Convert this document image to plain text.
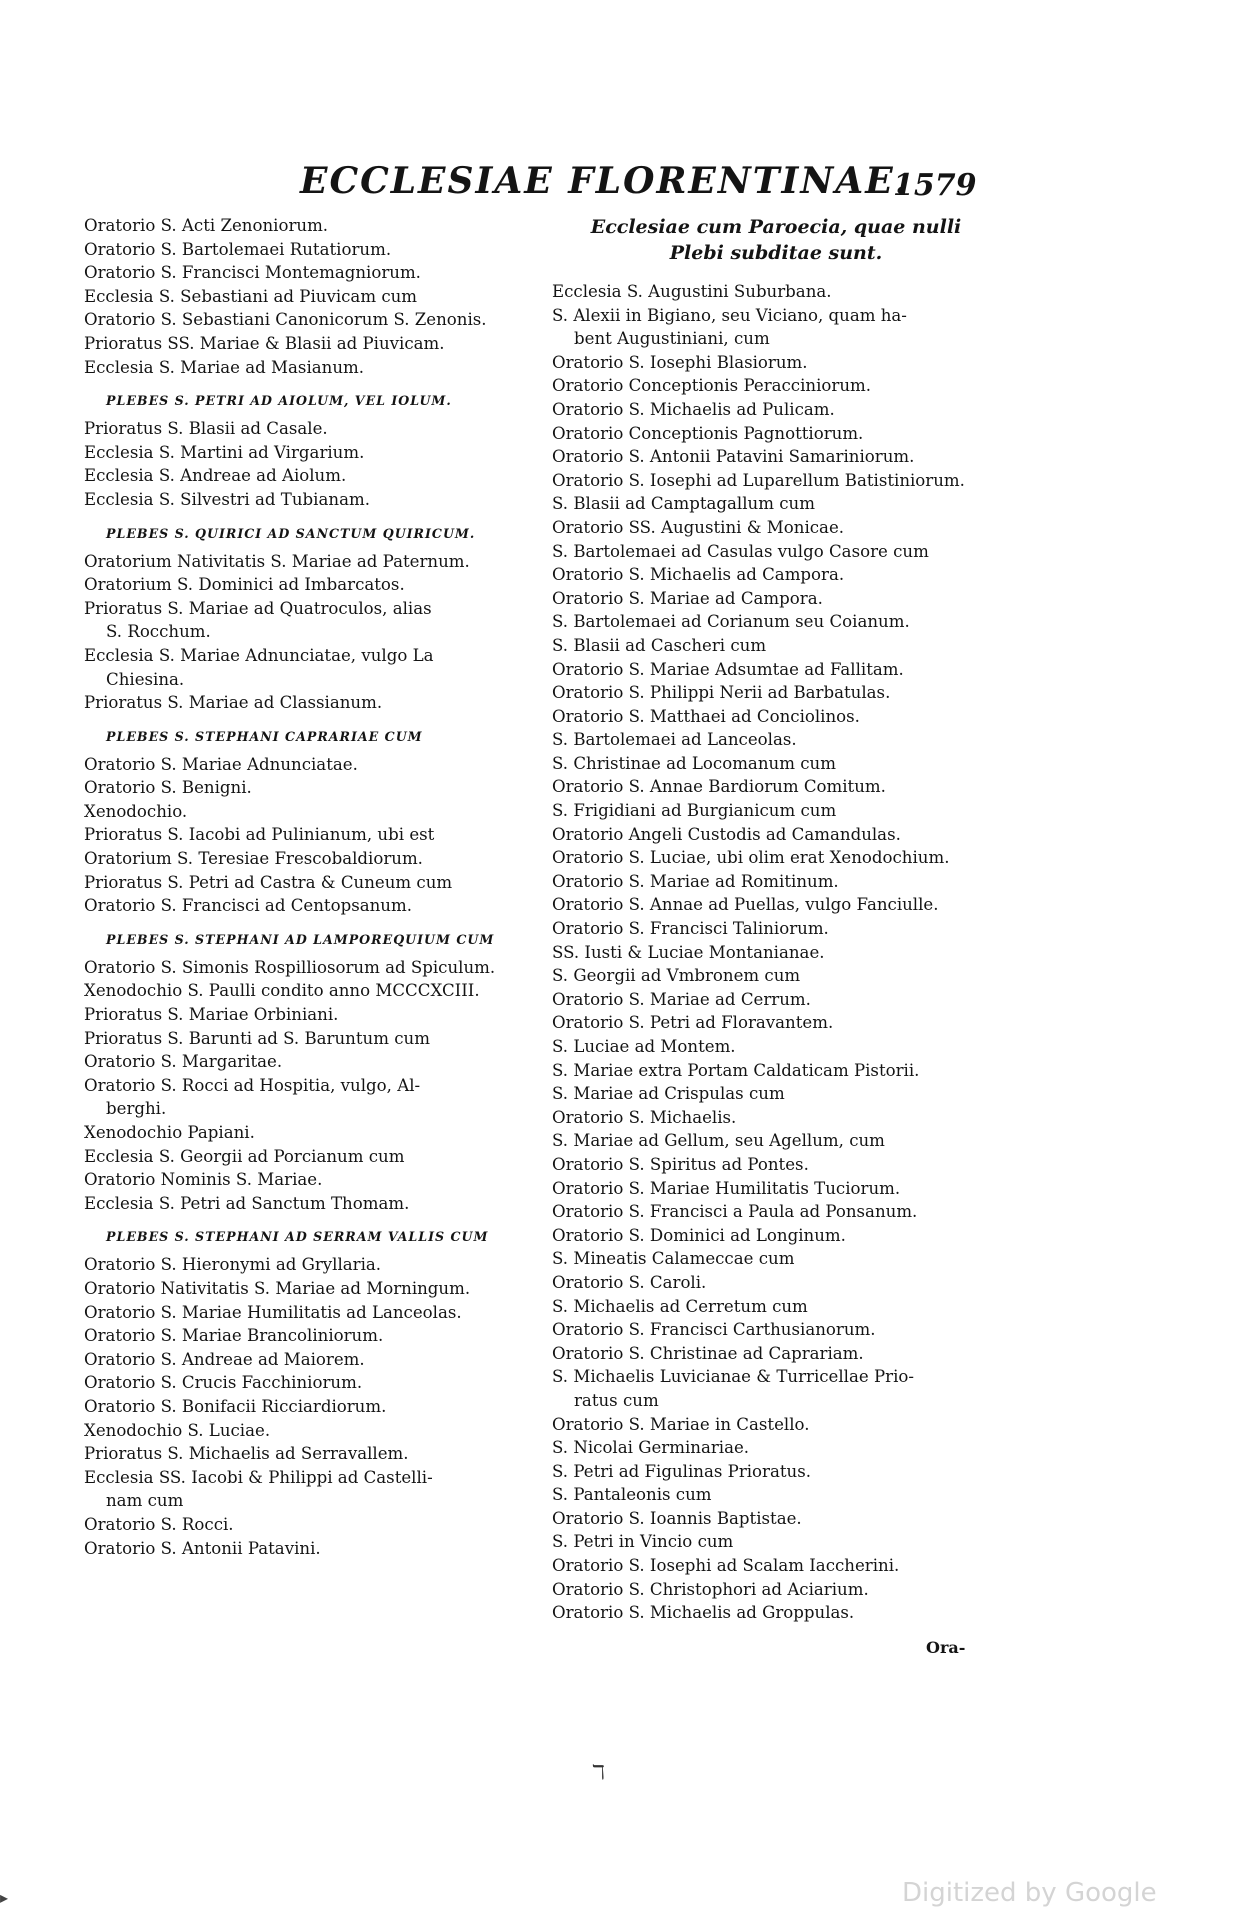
ECCLESIAE FLORENTINAE.
1579
Oratorio S. Acti Zenoniorum.
Oratorio S. Bartolemaei Rutatiorum.
Oratorio S. Francisci Montemagniorum.
Ecclesia S. Sebastiani ad Piuvicam cum
Oratorio S. Sebastiani Canonicorum S. Zenonis.
Prioratus SS. Mariae & Blasii ad Piuvicam.
Ecclesia S. Mariae ad Masianum.
PLEBES S. PETRI AD AIOLUM, VEL IOLUM.
Prioratus S. Blasii ad Casale.
Ecclesia S. Martini ad Virgarium.
Ecclesia S. Andreae ad Aiolum.
Ecclesia S. Silvestri ad Tubianam.
PLEBES S. QUIRICI AD SANCTUM QUIRICUM.
Oratorium Nativitatis S. Mariae ad Paternum.
Oratorium S. Dominici ad Imbarcatos.
Prioratus S. Mariae ad Quatroculos, alias
S. Rocchum.
Ecclesia S. Mariae Adnunciatae, vulgo La
Chiesina.
Prioratus S. Mariae ad Classianum.
PLEBES S. STEPHANI CAPRARIAE CUM
Oratorio S. Mariae Adnunciatae.
Oratorio S. Benigni.
Xenodochio.
Prioratus S. Iacobi ad Pulinianum, ubi est
Oratorium S. Teresiae Frescobaldiorum.
Prioratus S. Petri ad Castra & Cuneum cum
Oratorio S. Francisci ad Centopsanum.
PLEBES S. STEPHANI AD LAMPOREQUIUM CUM
Oratorio S. Simonis Rospilliosorum ad Spiculum.
Xenodochio S. Paulli condito anno MCCCXCIII.
Prioratus S. Mariae Orbiniani.
Prioratus S. Barunti ad S. Baruntum cum
Oratorio S. Margaritae.
Oratorio S. Rocci ad Hospitia, vulgo, Al-
berghi.
Xenodochio Papiani.
Ecclesia S. Georgii ad Porcianum cum
Oratorio Nominis S. Mariae.
Ecclesia S. Petri ad Sanctum Thomam.
PLEBES S. STEPHANI AD SERRAM VALLIS CUM
Oratorio S. Hieronymi ad Gryllaria.
Oratorio Nativitatis S. Mariae ad Morningum.
Oratorio S. Mariae Humilitatis ad Lanceolas.
Oratorio S. Mariae Brancoliniorum.
Oratorio S. Andreae ad Maiorem.
Oratorio S. Crucis Facchiniorum.
Oratorio S. Bonifacii Ricciardiorum.
Xenodochio S. Luciae.
Prioratus S. Michaelis ad Serravallem.
Ecclesia SS. Iacobi & Philippi ad Castelli-
nam cum
Oratorio S. Rocci.
Oratorio S. Antonii Patavini.
Ecclesiae cum Paroecia, quae nulli
Plebi subditae sunt.
Ecclesia S. Augustini Suburbana.
S. Alexii in Bigiano, seu Viciano, quam ha-
bent Augustiniani, cum
Oratorio S. Iosephi Blasiorum.
Oratorio Conceptionis Peracciniorum.
Oratorio S. Michaelis ad Pulicam.
Oratorio Conceptionis Pagnottiorum.
Oratorio S. Antonii Patavini Samariniorum.
Oratorio S. Iosephi ad Luparellum Batistiniorum.
S. Blasii ad Camptagallum cum
Oratorio SS. Augustini & Monicae.
S. Bartolemaei ad Casulas vulgo Casore cum
Oratorio S. Michaelis ad Campora.
Oratorio S. Mariae ad Campora.
S. Bartolemaei ad Corianum seu Coianum.
S. Blasii ad Cascheri cum
Oratorio S. Mariae Adsumtae ad Fallitam.
Oratorio S. Philippi Nerii ad Barbatulas.
Oratorio S. Matthaei ad Conciolinos.
S. Bartolemaei ad Lanceolas.
S. Christinae ad Locomanum cum
Oratorio S. Annae Bardiorum Comitum.
S. Frigidiani ad Burgianicum cum
Oratorio Angeli Custodis ad Camandulas.
Oratorio S. Luciae, ubi olim erat Xenodochium.
Oratorio S. Mariae ad Romitinum.
Oratorio S. Annae ad Puellas, vulgo Fanciulle.
Oratorio S. Francisci Taliniorum.
SS. Iusti & Luciae Montanianae.
S. Georgii ad Vmbronem cum
Oratorio S. Mariae ad Cerrum.
Oratorio S. Petri ad Floravantem.
S. Luciae ad Montem.
S. Mariae extra Portam Caldaticam Pistorii.
S. Mariae ad Crispulas cum
Oratorio S. Michaelis.
S. Mariae ad Gellum, seu Agellum, cum
Oratorio S. Spiritus ad Pontes.
Oratorio S. Mariae Humilitatis Tuciorum.
Oratorio S. Francisci a Paula ad Ponsanum.
Oratorio S. Dominici ad Longinum.
S. Mineatis Calameccae cum
Oratorio S. Caroli.
S. Michaelis ad Cerretum cum
Oratorio S. Francisci Carthusianorum.
Oratorio S. Christinae ad Caprariam.
S. Michaelis Luvicianae & Turricellae Prio-
ratus cum
Oratorio S. Mariae in Castello.
S. Nicolai Germinariae.
S. Petri ad Figulinas Prioratus.
S. Pantaleonis cum
Oratorio S. Ioannis Baptistae.
S. Petri in Vincio cum
Oratorio S. Iosephi ad Scalam Iaccherini.
Oratorio S. Christophori ad Aciarium.
Oratorio S. Michaelis ad Groppulas.
Ora-
ℸ
Digitized by Google
▸
